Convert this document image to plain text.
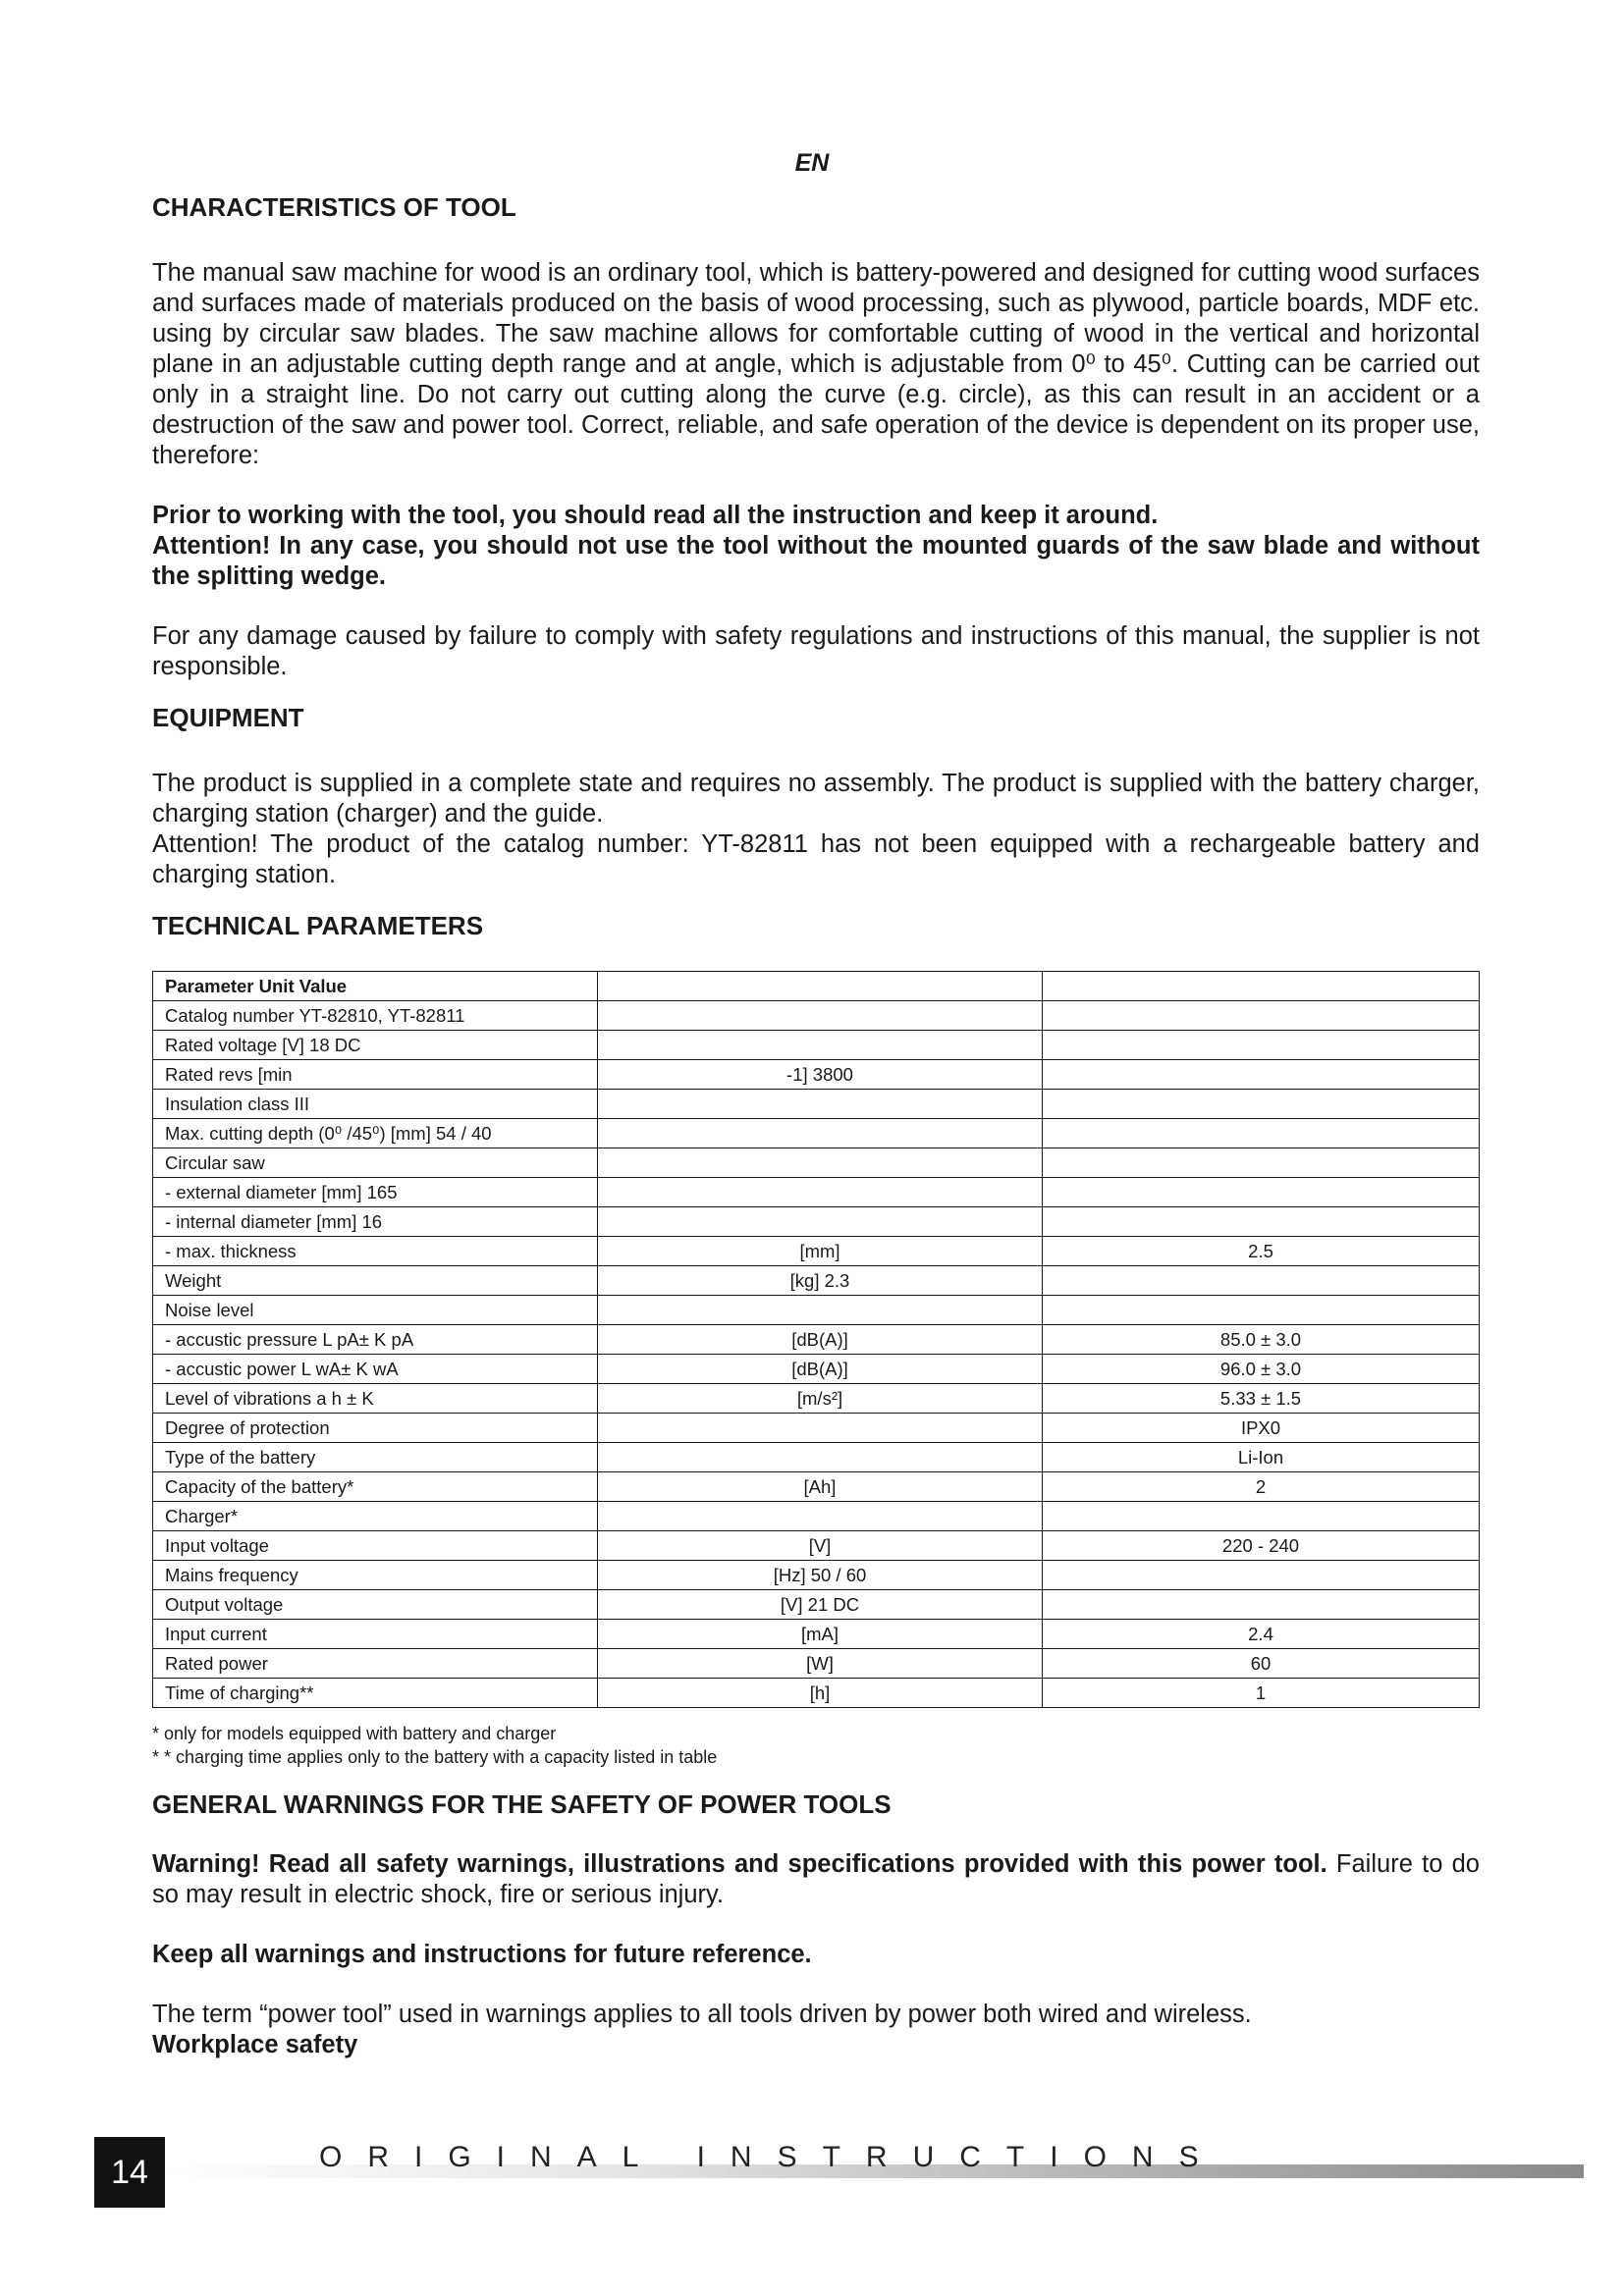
EN
CHARACTERISTICS OF TOOL

The manual saw machine for wood is an ordinary tool, which is battery-powered and designed for cutting wood surfaces and surfaces made of materials produced on the basis of wood processing, such as plywood, particle boards, MDF etc. using by circular saw blades. The saw machine allows for comfortable cutting of wood in the vertical and horizontal plane in an adjustable cutting depth range and at angle, which is adjustable from 0⁰ to 45⁰. Cutting can be carried out only in a straight line. Do not carry out cutting along the curve (e.g. circle), as this can result in an accident or a destruction of the saw and power tool. Correct, reliable, and safe operation of the device is dependent on its proper use, therefore:

Prior to working with the tool, you should read all the instruction and keep it around.

Attention! In any case, you should not use the tool without the mounted guards of the saw blade and without the splitting wedge.

For any damage caused by failure to comply with safety regulations and instructions of this manual, the supplier is not responsible.

EQUIPMENT

The product is supplied in a complete state and requires no assembly. The product is supplied with the battery charger, charging station (charger) and the guide.

Attention! The product of the catalog number: YT-82811 has not been equipped with a rechargeable battery and charging station.

TECHNICAL PARAMETERS
Parameter Unit Value		
Catalog number YT-82810, YT-82811		
Rated voltage [V] 18 DC		
Rated revs [min	-1] 3800	
Insulation class III		
Max. cutting depth (0⁰ /45⁰) [mm] 54 / 40		
Circular saw		
- external diameter [mm] 165		
- internal diameter [mm] 16		
- max. thickness	[mm]	2.5
Weight	[kg] 2.3	
Noise level		
- accustic pressure L pA± K pA	[dB(A)]	85.0 ± 3.0
- accustic power L wA± K wA	[dB(A)]	96.0 ± 3.0
Level of vibrations a h ± K	[m/s²]	5.33 ± 1.5
Degree of protection		IPX0
Type of the battery		Li-Ion
Capacity of the battery*	[Ah]	2
Charger*		
Input voltage	[V]	220 - 240
Mains frequency	[Hz] 50 / 60	
Output voltage	[V] 21 DC	
Input current	[mA]	2.4
Rated power	[W]	60
Time of charging**	[h]	1
* only for models equipped with battery and charger
* * charging time applies only to the battery with a capacity listed in table
GENERAL WARNINGS FOR THE SAFETY OF POWER TOOLS

Warning! Read all safety warnings, illustrations and specifications provided with this power tool. Failure to do so may result in electric shock, fire or serious injury.

Keep all warnings and instructions for future reference.

The term “power tool” used in warnings applies to all tools driven by power both wired and wireless.

Workplace safety

ORIGINAL INSTRUCTIONS
14
